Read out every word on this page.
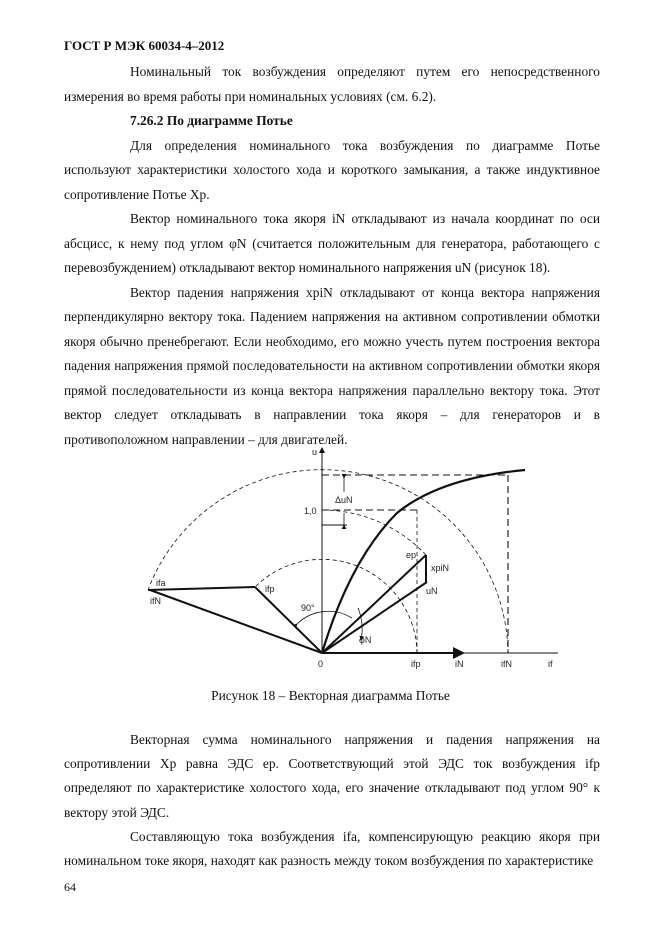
ГОСТ Р МЭК 60034-4–2012

Номинальный ток возбуждения определяют путем его непосредственного измерения во время работы при номинальных условиях (см. 6.2).

7.26.2 По диаграмме Потье

Для определения номинального тока возбуждения по диаграмме Потье используют характеристики холостого хода и короткого замыкания, а также индуктивное сопротивление Потье Xp.

Вектор номинального тока якоря iN откладывают из начала координат по оси абсцисс, к нему под углом φN (считается положительным для генератора, работающего с перевозбуждением) откладывают вектор номинального напряжения uN (рисунок 18).

Вектор падения напряжения xpiN откладывают от конца вектора напряжения перпендикулярно вектору тока. Падением напряжения на активном сопротивлении обмотки якоря обычно пренебрегают. Если необходимо, его можно учесть путем построения вектора падения напряжения прямой последовательности на активном сопротивлении обмотки якоря прямой последовательности из конца вектора напряжения параллельно вектору тока. Этот вектор следует откладывать в направлении тока якоря – для генераторов и в противоположном направлении – для двигателей.

u
ΔuN
1,0
ep
xpiN
uN
ifa
ifN
ifp
90°
φN
0	ifp	iN	ifN	if
Рисунок 18 – Векторная диаграмма Потье

Векторная сумма номинального напряжения и падения напряжения на сопротивлении Xp равна ЭДС ep. Соответствующий этой ЭДС ток возбуждения ifp определяют по характеристике холостого хода, его значение откладывают под углом 90° к вектору этой ЭДС.

Составляющую тока возбуждения ifa, компенсирующую реакцию якоря при номинальном токе якоря, находят как разность между током возбуждения по характеристике

64
